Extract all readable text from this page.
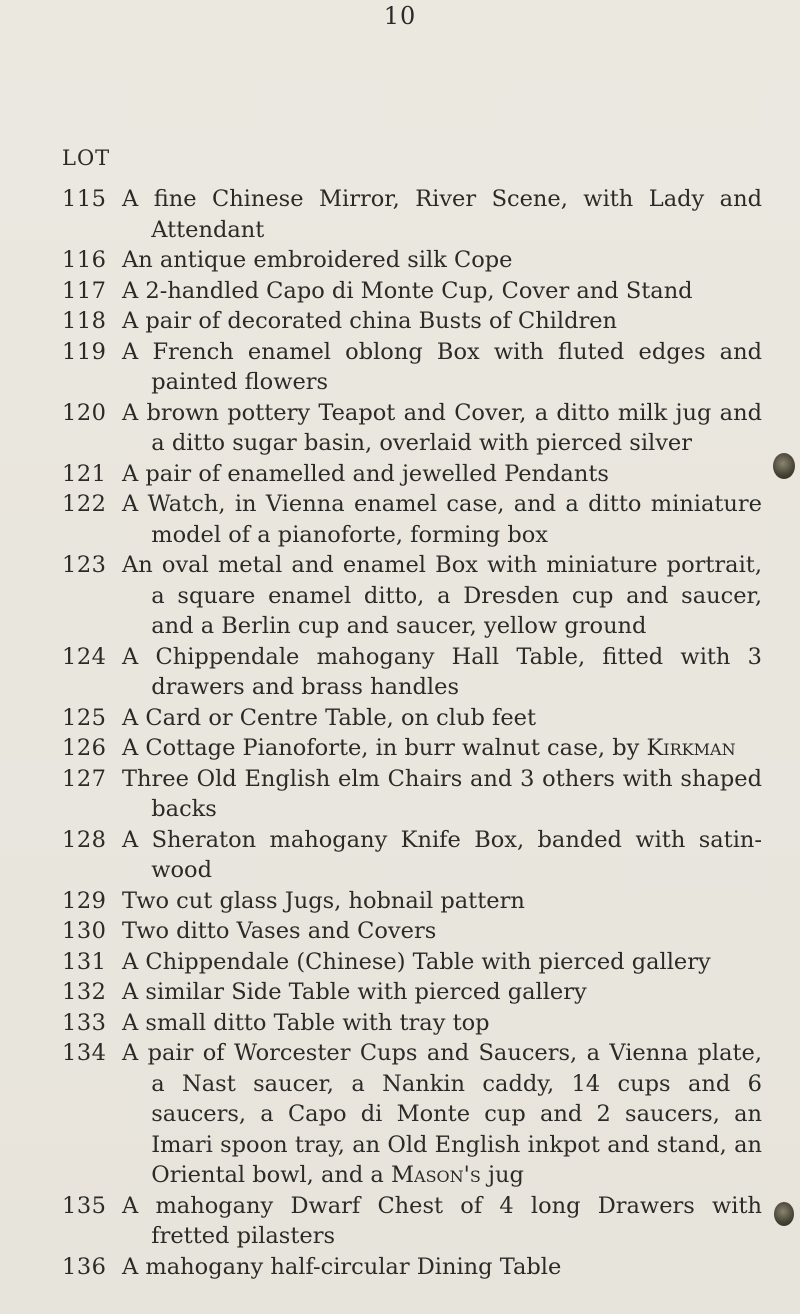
10
LOT
115 A fine Chinese Mirror, River Scene, with Lady and Attendant
116 An antique embroidered silk Cope
117 A 2-handled Capo di Monte Cup, Cover and Stand
118 A pair of decorated china Busts of Children
119 A French enamel oblong Box with fluted edges and painted flowers
120 A brown pottery Teapot and Cover, a ditto milk jug and a ditto sugar basin, overlaid with pierced silver
121 A pair of enamelled and jewelled Pendants
122 A Watch, in Vienna enamel case, and a ditto miniature model of a pianoforte, forming box
123 An oval metal and enamel Box with miniature portrait, a square enamel ditto, a Dresden cup and saucer, and a Berlin cup and saucer, yellow ground
124 A Chippendale mahogany Hall Table, fitted with 3 drawers and brass handles
125 A Card or Centre Table, on club feet
126 A Cottage Pianoforte, in burr walnut case, by Kirkman
127 Three Old English elm Chairs and 3 others with shaped backs
128 A Sheraton mahogany Knife Box, banded with satin-wood
129 Two cut glass Jugs, hobnail pattern
130 Two ditto Vases and Covers
131 A Chippendale (Chinese) Table with pierced gallery
132 A similar Side Table with pierced gallery
133 A small ditto Table with tray top
134 A pair of Worcester Cups and Saucers, a Vienna plate, a Nast saucer, a Nankin caddy, 14 cups and 6 saucers, a Capo di Monte cup and 2 saucers, an Imari spoon tray, an Old English inkpot and stand, an Oriental bowl, and a Mason's jug
135 A mahogany Dwarf Chest of 4 long Drawers with fretted pilasters
136 A mahogany half-circular Dining Table
